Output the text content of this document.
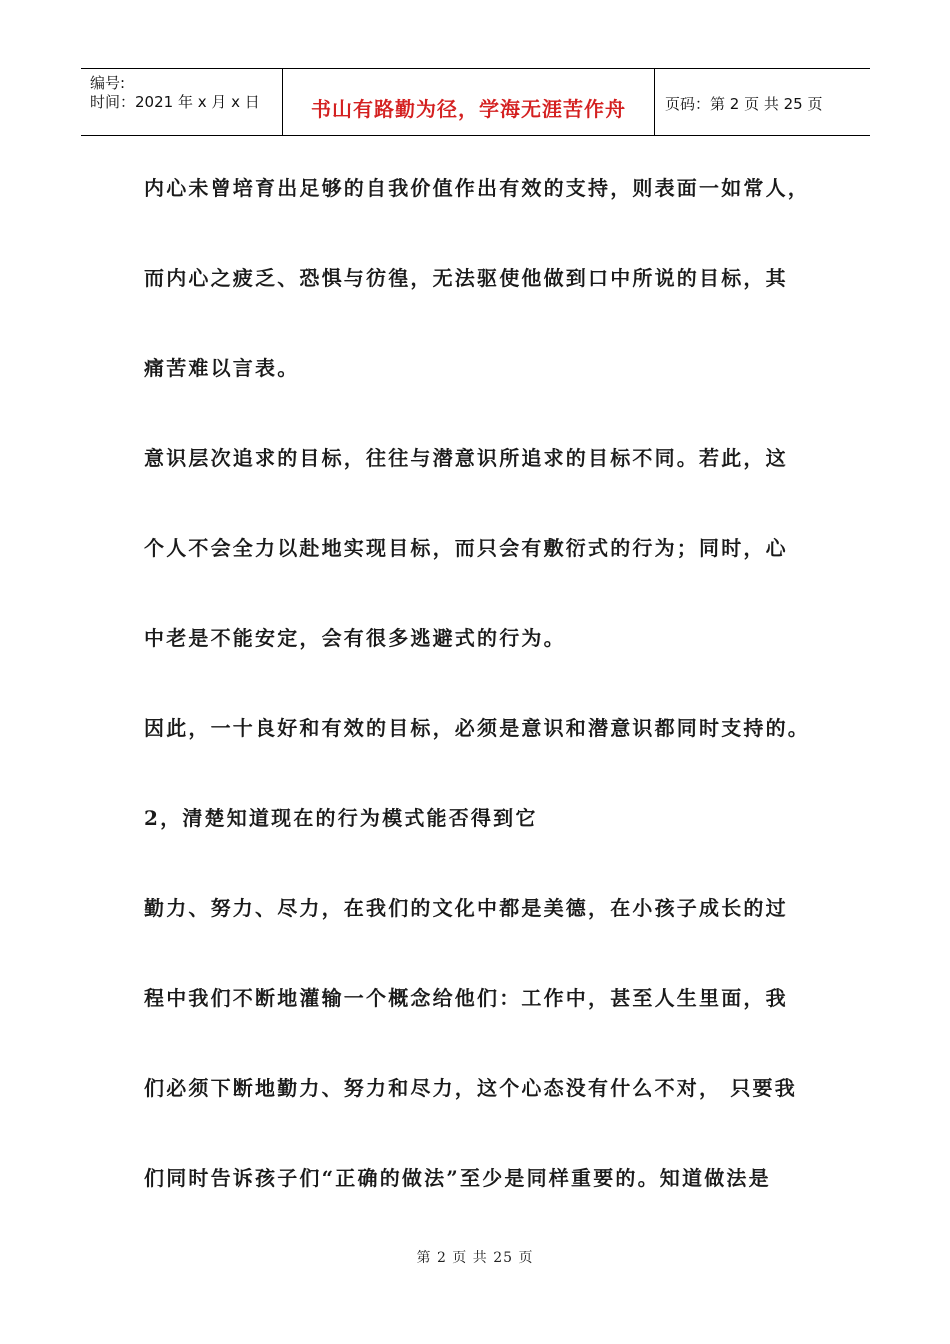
编号:
时间：2021 年 x 月 x 日	书山有路勤为径，学海无涯苦作舟	页码：第 2 页 共 25 页
内心未曾培育出足够的自我价值作出有效的支持，则表面一如常人，
而内心之疲乏、恐惧与彷徨，无法驱使他做到口中所说的目标，其
痛苦难以言表。
意识层次追求的目标，往往与潜意识所追求的目标不同。若此，这
个人不会全力以赴地实现目标，而只会有敷衍式的行为；同时，心
中老是不能安定，会有很多逃避式的行为。
因此，一十良好和有效的目标，必须是意识和潜意识都同时支持的。
2，清楚知道现在的行为模式能否得到它
勤力、努力、尽力，在我们的文化中都是美德，在小孩子成长的过
程中我们不断地灌输一个概念给他们：工作中，甚至人生里面，我
们必须下断地勤力、努力和尽力，这个心态没有什么不对， 只要我
们同时告诉孩子们“正确的做法”至少是同样重要的。知道做法是
第 2 页 共 25 页
